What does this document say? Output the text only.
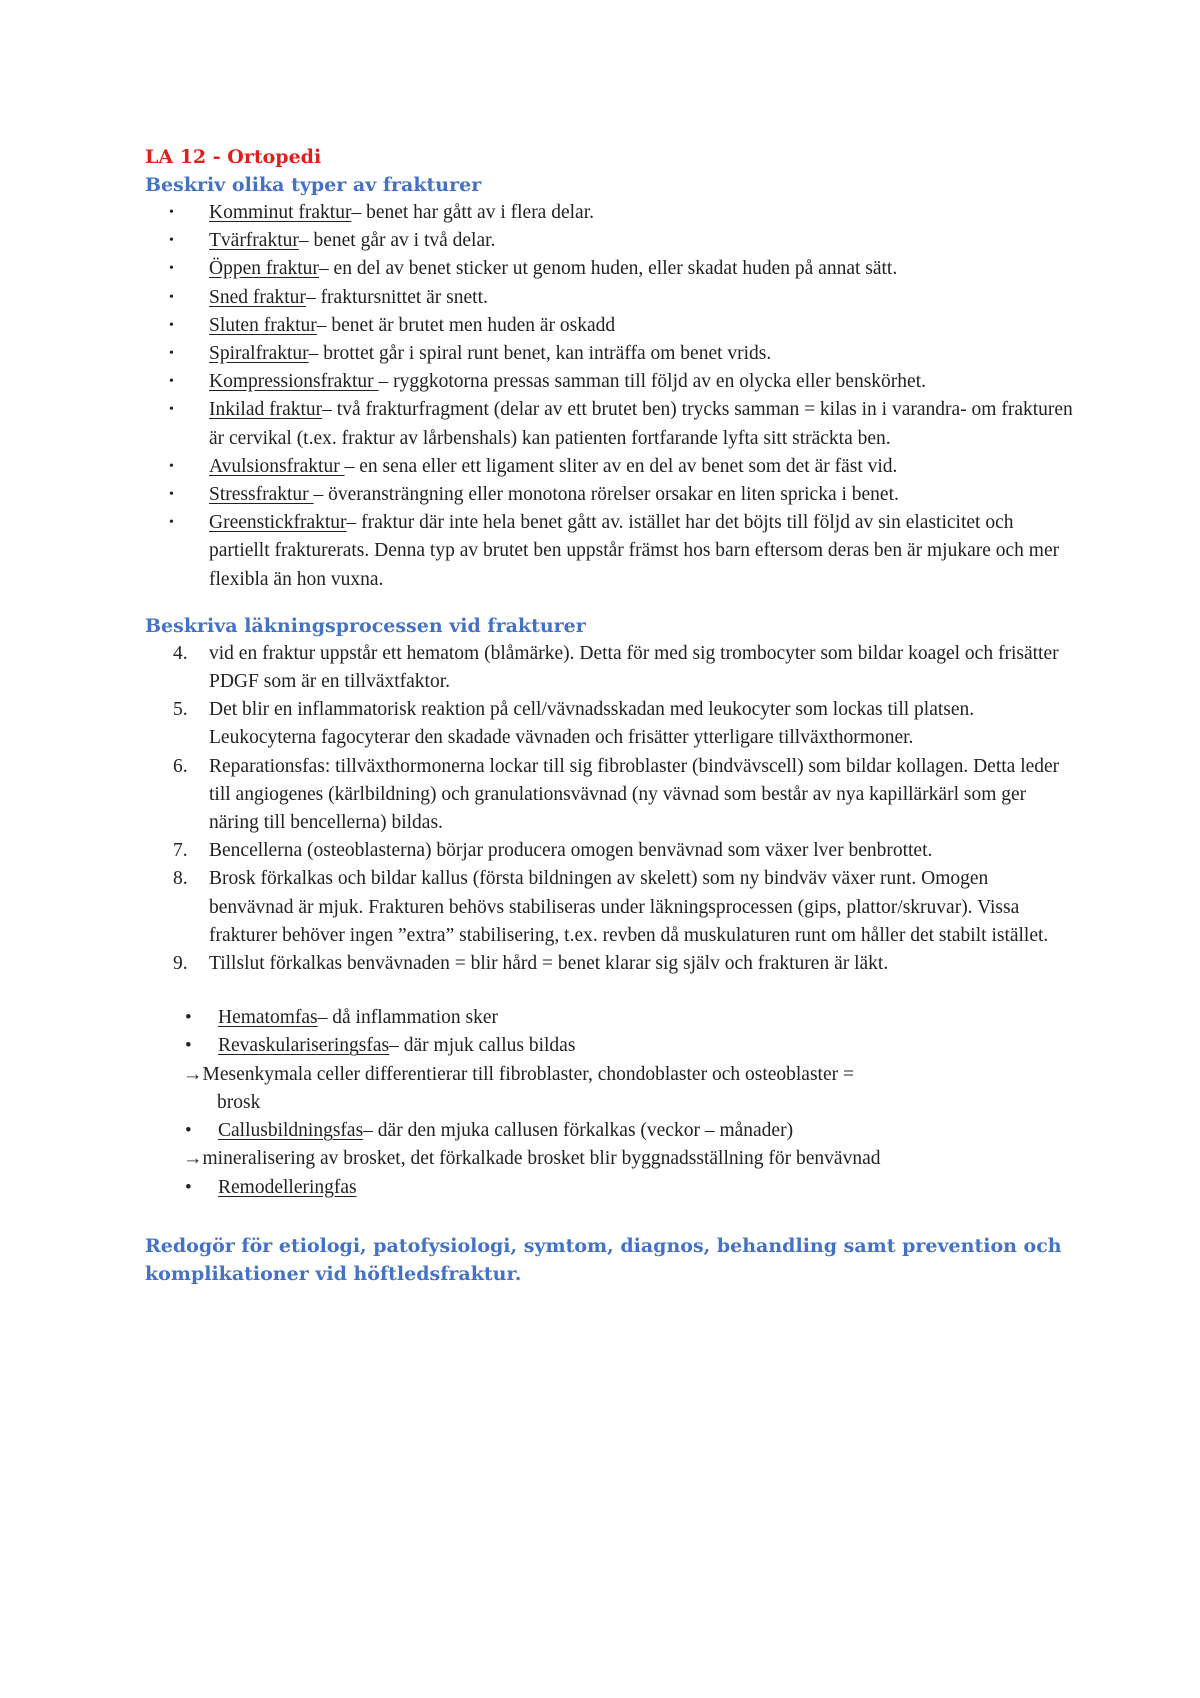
LA 12 - Ortopedi
Beskriv olika typer av frakturer
• Komminut fraktur– benet har gått av i flera delar.
• Tvärfraktur– benet går av i två delar.
• Öppen fraktur– en del av benet sticker ut genom huden, eller skadat huden på annat sätt.
• Sned fraktur– fraktursnittet är snett.
• Sluten fraktur– benet är brutet men huden är oskadd
• Spiralfraktur– brottet går i spiral runt benet, kan inträffa om benet vrids.
• Kompressionsfraktur – ryggkotorna pressas samman till följd av en olycka eller benskörhet.
• Inkilad fraktur– två frakturfragment (delar av ett brutet ben) trycks samman = kilas in i varandra- om frakturen är cervikal (t.ex. fraktur av lårbenshals) kan patienten fortfarande lyfta sitt sträckta ben.
• Avulsionsfraktur – en sena eller ett ligament sliter av en del av benet som det är fäst vid.
• Stressfraktur – överansträngning eller monotona rörelser orsakar en liten spricka i benet.
• Greenstickfraktur– fraktur där inte hela benet gått av. istället har det böjts till följd av sin elasticitet och partiellt frakturerats. Denna typ av brutet ben uppstår främst hos barn eftersom deras ben är mjukare och mer flexibla än hon vuxna.
Beskriva läkningsprocessen vid frakturer
4. vid en fraktur uppstår ett hematom (blåmärke). Detta för med sig trombocyter som bildar koagel och frisätter PDGF som är en tillväxtfaktor.
5. Det blir en inflammatorisk reaktion på cell/vävnadsskadan med leukocyter som lockas till platsen. Leukocyterna fagocyterar den skadade vävnaden och frisätter ytterligare tillväxthormoner.
6. Reparationsfas: tillväxthormonerna lockar till sig fibroblaster (bindvävscell) som bildar kollagen. Detta leder till angiogenes (kärlbildning) och granulationsvävnad (ny vävnad som består av nya kapillärkärl som ger näring till bencellerna) bildas.
7. Bencellerna (osteoblasterna) börjar producera omogen benvävnad som växer lver benbrottet.
8. Brosk förkalkas och bildar kallus (första bildningen av skelett) som ny bindväv växer runt. Omogen benvävnad är mjuk. Frakturen behövs stabiliseras under läkningsprocessen (gips, plattor/skruvar). Vissa frakturer behöver ingen ”extra” stabilisering, t.ex. revben då muskulaturen runt om håller det stabilt istället.
9. Tillslut förkalkas benvävnaden = blir hård = benet klarar sig själv och frakturen är läkt.
• Hematomfas– då inflammation sker
• Revaskulariseringsfas– där mjuk callus bildas
→Mesenkymala celler differentierar till fibroblaster, chondoblaster och osteoblaster =
brosk
• Callusbildningsfas– där den mjuka callusen förkalkas (veckor – månader)
→mineralisering av brosket, det förkalkade brosket blir byggnadsställning för benvävnad
• Remodelleringfas
Redogör för etiologi, patofysiologi, symtom, diagnos, behandling samt prevention och komplikationer vid höftledsfraktur.
